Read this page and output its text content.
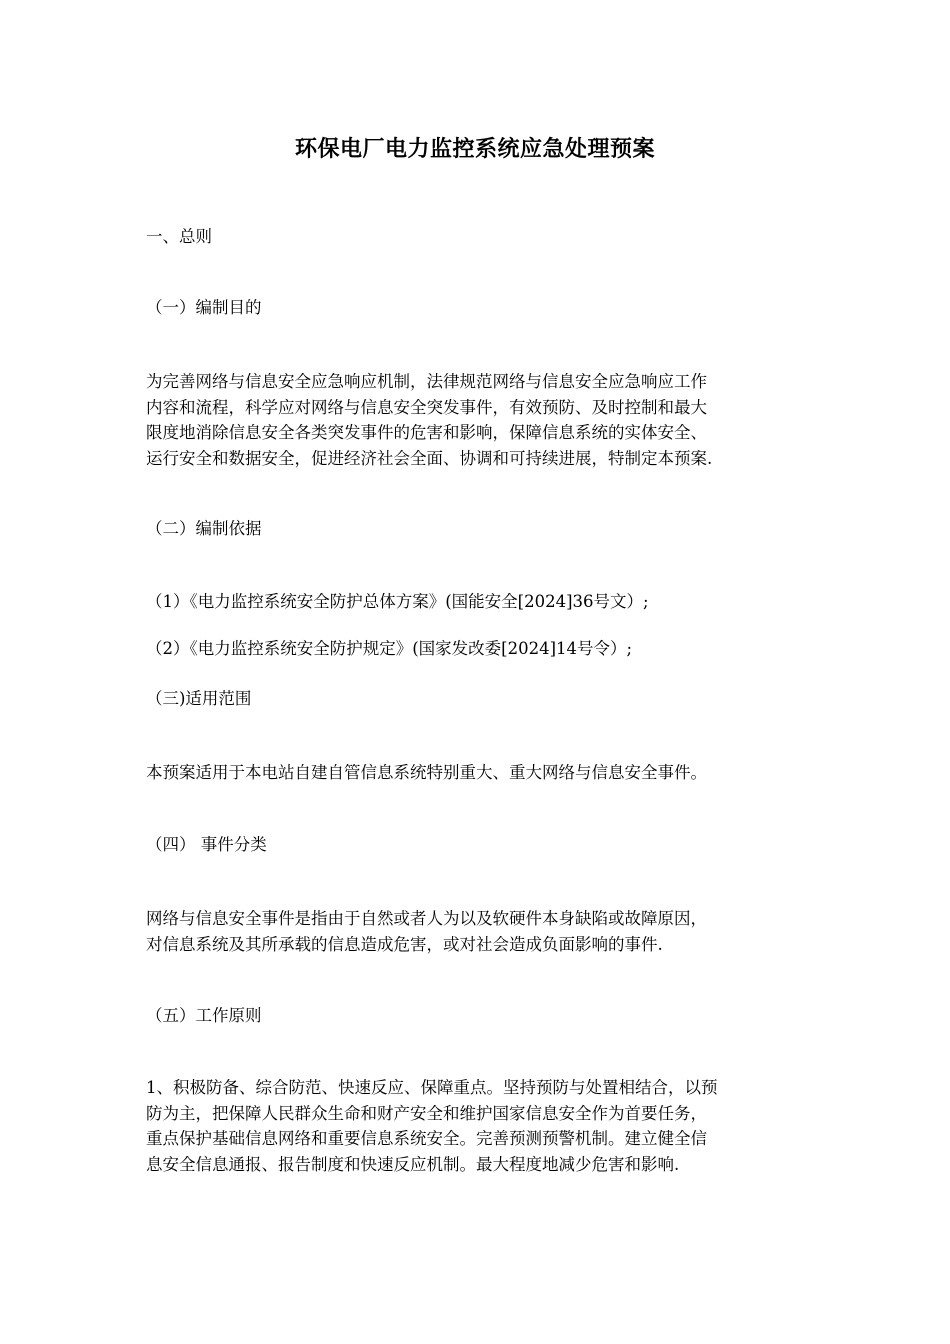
环保电厂电力监控系统应急处理预案
一、总则
（一）编制目的
为完善网络与信息安全应急响应机制，法律规范网络与信息安全应急响应工作
内容和流程，科学应对网络与信息安全突发事件，有效预防、及时控制和最大
限度地消除信息安全各类突发事件的危害和影响，保障信息系统的实体安全、
运行安全和数据安全，促进经济社会全面、协调和可持续进展，特制定本预案.
（二）编制依据
（1）《电力监控系统安全防护总体方案》(国能安全[2024]36号文）;
（2）《电力监控系统安全防护规定》(国家发改委[2024]14号令）;
（三)适用范围
本预案适用于本电站自建自管信息系统特别重大、重大网络与信息安全事件。
（四） 事件分类
网络与信息安全事件是指由于自然或者人为以及软硬件本身缺陷或故障原因，
对信息系统及其所承载的信息造成危害，或对社会造成负面影响的事件.
（五）工作原则
1、积极防备、综合防范、快速反应、保障重点。坚持预防与处置相结合，以预
防为主，把保障人民群众生命和财产安全和维护国家信息安全作为首要任务，
重点保护基础信息网络和重要信息系统安全。完善预测预警机制。建立健全信
息安全信息通报、报告制度和快速反应机制。最大程度地减少危害和影响.
